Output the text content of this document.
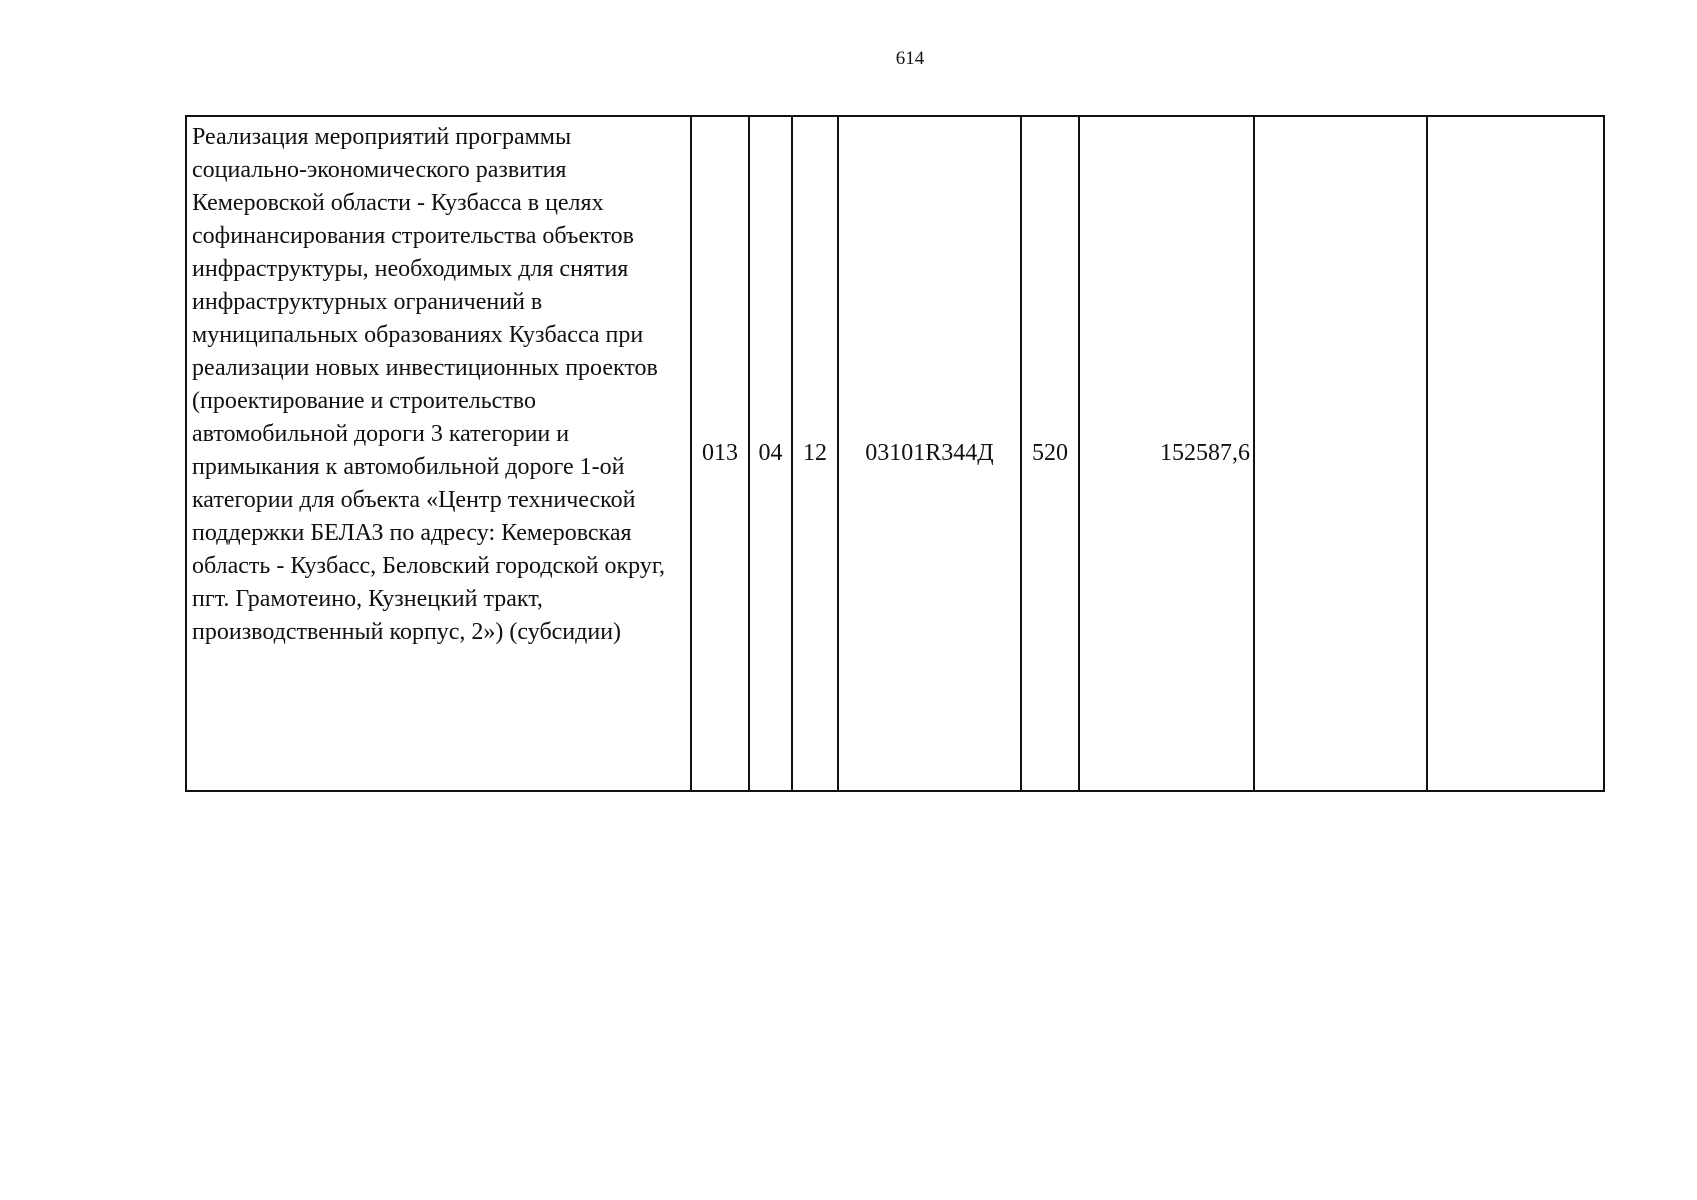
614
Реализация мероприятий программы социально-экономического развития Кемеровской области - Кузбасса в целях софинансирования строительства объектов инфраструктуры, необходимых для снятия инфраструктурных ограничений в муниципальных образованиях Кузбасса при реализации новых инвестиционных проектов (проектирование и строительство автомобильной дороги 3 категории и примыкания к автомобильной дороге 1-ой категории для объекта «Центр технической поддержки БЕЛАЗ по адресу: Кемеровская область - Кузбасс, Беловский городской округ, пгт. Грамотеино, Кузнецкий тракт, производственный корпус, 2») (субсидии)
	013	04	12	03101R344Д	520	152587,6		
